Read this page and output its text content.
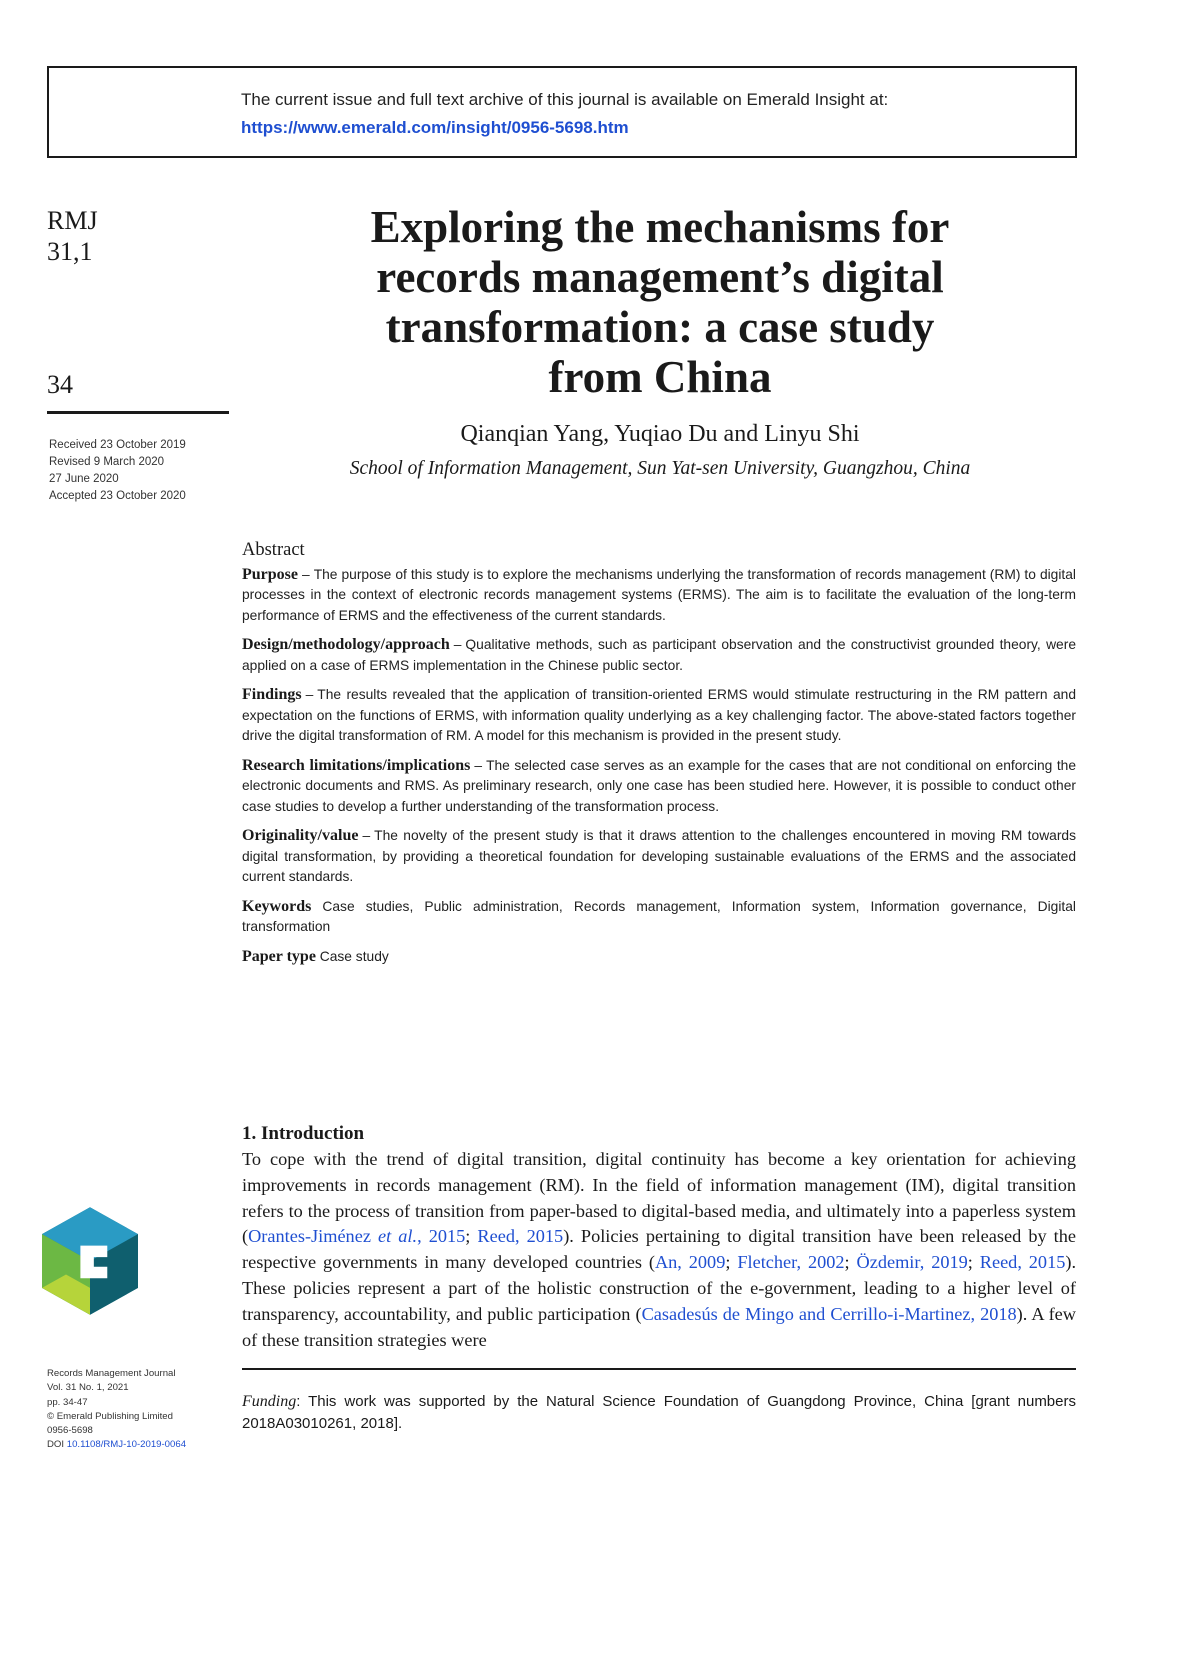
The current issue and full text archive of this journal is available on Emerald Insight at:
https://www.emerald.com/insight/0956-5698.htm
RMJ
31,1
34
Received 23 October 2019
Revised 9 March 2020
27 June 2020
Accepted 23 October 2020
Exploring the mechanisms for
records management’s digital
transformation: a case study
from China
Qianqian Yang, Yuqiao Du and Linyu Shi
School of Information Management, Sun Yat-sen University, Guangzhou, China
Abstract

Purpose – The purpose of this study is to explore the mechanisms underlying the transformation of records management (RM) to digital processes in the context of electronic records management systems (ERMS). The aim is to facilitate the evaluation of the long-term performance of ERMS and the effectiveness of the current standards.

Design/methodology/approach – Qualitative methods, such as participant observation and the constructivist grounded theory, were applied on a case of ERMS implementation in the Chinese public sector.

Findings – The results revealed that the application of transition-oriented ERMS would stimulate restructuring in the RM pattern and expectation on the functions of ERMS, with information quality underlying as a key challenging factor. The above-stated factors together drive the digital transformation of RM. A model for this mechanism is provided in the present study.

Research limitations/implications – The selected case serves as an example for the cases that are not conditional on enforcing the electronic documents and RMS. As preliminary research, only one case has been studied here. However, it is possible to conduct other case studies to develop a further understanding of the transformation process.

Originality/value – The novelty of the present study is that it draws attention to the challenges encountered in moving RM towards digital transformation, by providing a theoretical foundation for developing sustainable evaluations of the ERMS and the associated current standards.

Keywords Case studies, Public administration, Records management, Information system, Information governance, Digital transformation

Paper type Case study

1. Introduction

To cope with the trend of digital transition, digital continuity has become a key orientation for achieving improvements in records management (RM). In the field of information management (IM), digital transition refers to the process of transition from paper-based to digital-based media, and ultimately into a paperless system (Orantes-Jiménez et al., 2015; Reed, 2015). Policies pertaining to digital transition have been released by the respective governments in many developed countries (An, 2009; Fletcher, 2002; Özdemir, 2019; Reed, 2015). These policies represent a part of the holistic construction of the e-government, leading to a higher level of transparency, accountability, and public participation (Casadesús de Mingo and Cerrillo-i-Martinez, 2018). A few of these transition strategies were

Funding: This work was supported by the Natural Science Foundation of Guangdong Province, China [grant numbers 2018A03010261, 2018].

Records Management Journal
Vol. 31 No. 1, 2021
pp. 34-47
© Emerald Publishing Limited
0956-5698
DOI 10.1108/RMJ-10-2019-0064
